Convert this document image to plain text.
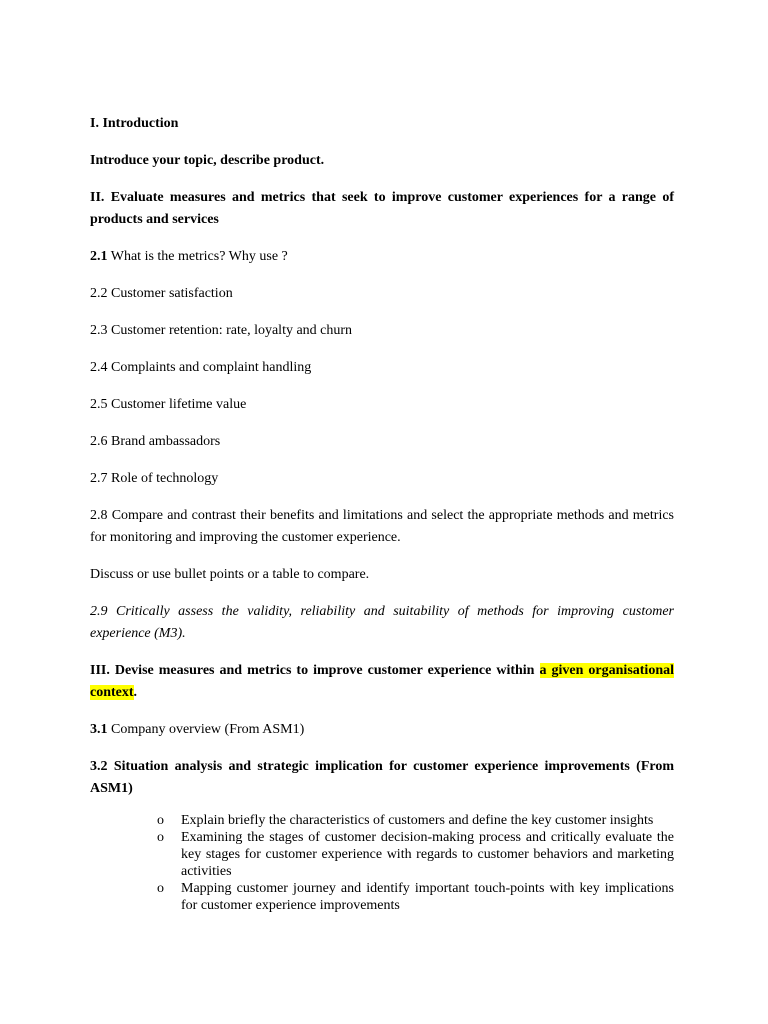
I. Introduction

Introduce your topic, describe product.

II. Evaluate measures and metrics that seek to improve customer experiences for a range of products and services

2.1 What is the metrics? Why use ?

2.2 Customer satisfaction

2.3 Customer retention: rate, loyalty and churn

2.4 Complaints and complaint handling

2.5 Customer lifetime value

2.6 Brand ambassadors

2.7 Role of technology

2.8 Compare and contrast their benefits and limitations and select the appropriate methods and metrics for monitoring and improving the customer experience.

Discuss or use bullet points or a table to compare.

2.9 Critically assess the validity, reliability and suitability of methods for improving customer experience (M3).

III. Devise measures and metrics to improve customer experience within a given organisational context.

3.1 Company overview (From ASM1)

3.2 Situation analysis and strategic implication for customer experience improvements (From ASM1)

o	Explain briefly the characteristics of customers and define the key customer insights
o	Examining the stages of customer decision-making process and critically evaluate the key stages for customer experience with regards to customer behaviors and marketing activities
o	Mapping customer journey and identify important touch-points with key implications for customer experience improvements
